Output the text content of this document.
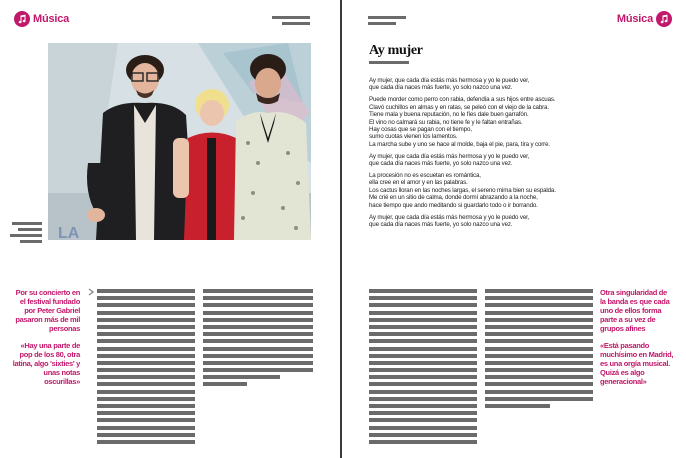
Música
LA

Por su concierto en el festival fundado por Peter Gabriel pasaron más de mil personas

«Hay una parte de pop de los 80, otra latina, algo 'sixties' y unas notas oscurillas»

Música
Ay mujer
Ay mujer, que cada día estás más hermosa y yo le puedo ver,
que cada día naces más fuerte, yo solo nazco una vez.
Puede morder como perro con rabia, defendía a sus hijos entre ascuas.
Clavó cuchillos en almas y en ratas, se peleó con el viejo de la cabra.
Tiene mala y buena reputación, no le fíes dale buen garrafón.
El vino no calmará su rabia, no tiene fe y le faltan entrañas.
Hay cosas que se pagan con el tiempo,
sumo cuotas vienen los lamentos.
La marcha sube y uno se hace al molde, baja el pie, para, tira y corre.
Ay mujer, que cada día estás más hermosa y yo le puedo ver,
que cada día naces más fuerte, yo solo nazco una vez.
La procesión no es escuetan es romántica,
ella cree en el amor y en las palabras.
Los cactus lloran en las noches largas, el sereno mima bien su espalda.
Me crié en un sitio de calma, donde dormí abrazando a la noche,
hace tiempo que ando meditando si guardarlo todo o ir borrando.
Ay mujer, que cada día estás más hermosa y yo le puedo ver,
que cada día naces más fuerte, yo solo nazco una vez.

Otra singularidad de la banda es que cada uno de ellos forma parte a su vez de grupos afines

«Está pasando muchísimo en Madrid, es una orgía musical. Quizá es algo generacional»
